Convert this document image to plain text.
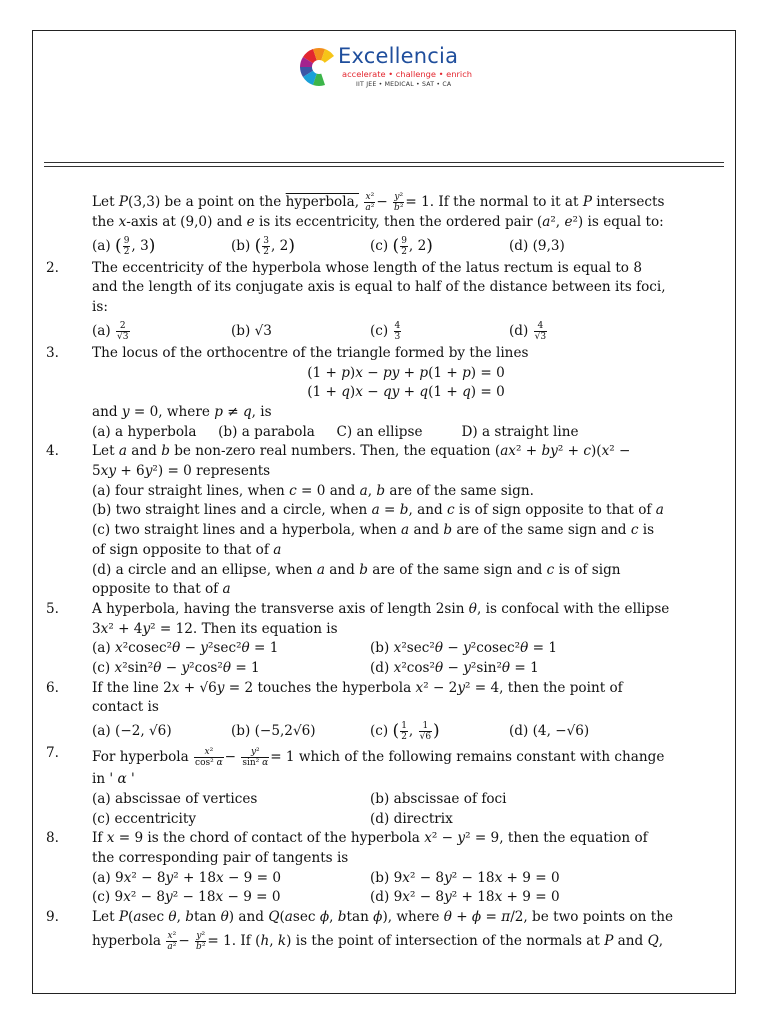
Excellencia
accelerate • challenge • enrich
IIT JEE • MEDICAL • SAT • CA
Let P(3,3) be a point on the hyperbola, $\frac{\text{x²}}{\text{a²}} - \frac{\text{y²}}{\text{b²}} = 1$. If the normal to it at P intersects
the x-axis at (9,0) and e is its eccentricity, then the ordered pair (a², e²) is equal to:
(a) ( $\frac{9}{2}$ , 3)	(b) ( $\frac{3}{2}$ , 2)	(c) ( $\frac{9}{2}$ , 2)	(d) (9,3)
2. The eccentricity of the hyperbola whose length of the latus rectum is equal to 8
and the length of its conjugate axis is equal to half of the distance between its foci,
is:
$(a) \frac{2}{√3}$	(b) √3	$(c) \frac{4}{3}$	$(d) \frac{4}{√3}$
3. The locus of the orthocentre of the triangle formed by the lines
(1 + p)x − py + p(1 + p) = 0
(1 + q)x − qy + q(1 + q) = 0
and y = 0, where p ≠ q, is
(a) a hyperbola (b) a parabola C) an ellipse	D) a straight line
4. Let a and b be non-zero real numbers. Then, the equation (ax² + by² + c)(x² −
5xy + 6y²) = 0 represents
(a) four straight lines, when c = 0 and a, b are of the same sign.
(b) two straight lines and a circle, when a = b, and c is of sign opposite to that of a
(c) two straight lines and a hyperbola, when a and b are of the same sign and c is
of sign opposite to that of a
(d) a circle and an ellipse, when a and b are of the same sign and c is of sign
opposite to that of a
5. A hyperbola, having the transverse axis of length 2sin θ, is confocal with the ellipse
3x² + 4y² = 12. Then its equation is
(a) x²cosec²θ − y²sec²θ = 1	(b) x²sec²θ − y²cosec²θ = 1
(c) x²sin²θ − y²cos²θ = 1	(d) x²cos²θ − y²sin²θ = 1
6. If the line 2x + √6y = 2 touches the hyperbola x² − 2y² = 4, then the point of
contact is
(a) (−2, √6)	(b) (−5,2√6)	(c) ( $\frac{1}{2}$ , $\frac{1}{√6}$ )	(d) (4, −√6)
7. For hyperbola $\frac{\text{x²}}{\text{cos² α}} - \frac{\text{y²}}{\text{sin² α}} = 1$ which of the following remains constant with change
in ' α '
(a) abscissae of vertices	(b) abscissae of foci
(c) eccentricity	(d) directrix
8. If x = 9 is the chord of contact of the hyperbola x² − y² = 9, then the equation of
the corresponding pair of tangents is
(a) 9x² − 8y² + 18x − 9 = 0	(b) 9x² − 8y² − 18x + 9 = 0
(c) 9x² − 8y² − 18x − 9 = 0	(d) 9x² − 8y² + 18x + 9 = 0
9. Let P(asec θ, btan θ) and Q(asec ϕ, btan ϕ), where θ + ϕ = π/2, be two points on the
hyperbola $\frac{\text{x²}}{\text{a²}} - \frac{\text{y²}}{\text{b²}} = 1$. If (h, k) is the point of intersection of the normals at P and Q,
